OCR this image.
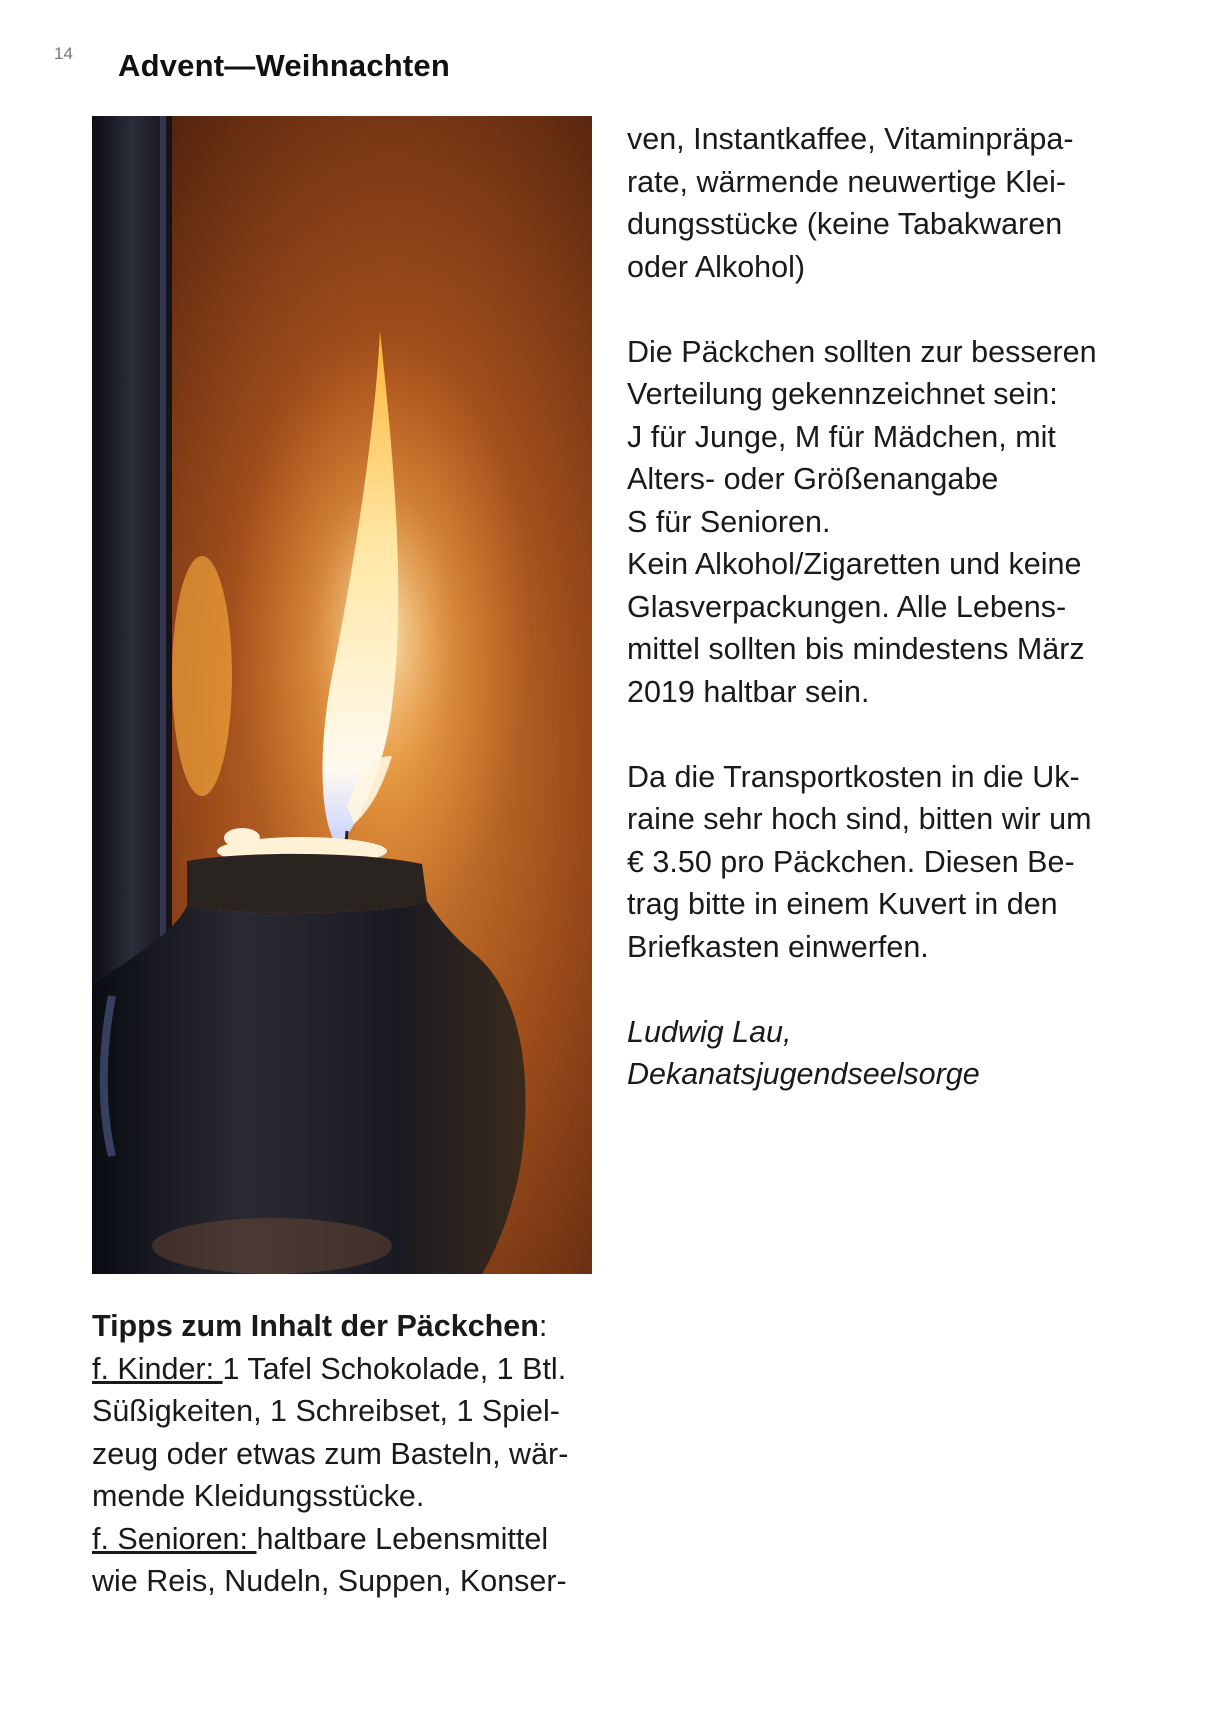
14 Advent—Weihnachten

ven, Instantkaffee, Vitaminpräpa-
rate, wärmende neuwertige Klei-
dungsstücke (keine Tabakwaren
oder Alkohol)

Die Päckchen sollten zur besseren
Verteilung gekennzeichnet sein:
J für Junge, M für Mädchen, mit
Alters- oder Größenangabe
S für Senioren.
Kein Alkohol/Zigaretten und keine
Glasverpackungen. Alle Lebens-
mittel sollten bis mindestens März
2019 haltbar sein.

Da die Transportkosten in die Uk-
raine sehr hoch sind, bitten wir um
€ 3.50 pro Päckchen. Diesen Be-
trag bitte in einem Kuvert in den
Briefkasten einwerfen.

Ludwig Lau,
Dekanatsjugendseelsorge

Tipps zum Inhalt der Päckchen:
f. Kinder: 1 Tafel Schokolade, 1 Btl.
Süßigkeiten, 1 Schreibset, 1 Spiel-
zeug oder etwas zum Basteln, wär-
mende Kleidungsstücke.
f. Senioren: haltbare Lebensmittel
wie Reis, Nudeln, Suppen, Konser-
